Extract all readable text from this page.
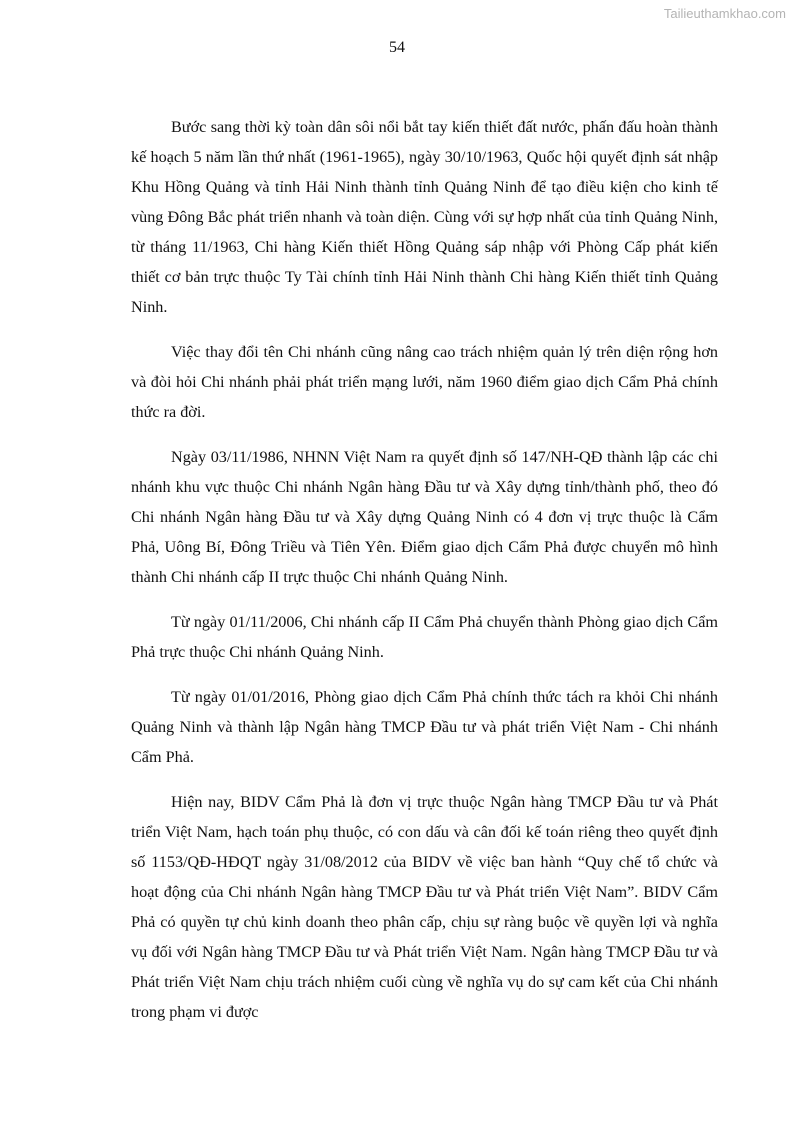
Tailieuthamkhao.com
54

Bước sang thời kỳ toàn dân sôi nổi bắt tay kiến thiết đất nước, phấn đấu hoàn thành kế hoạch 5 năm lần thứ nhất (1961-1965), ngày 30/10/1963, Quốc hội quyết định sát nhập Khu Hồng Quảng và tỉnh Hải Ninh thành tỉnh Quảng Ninh để tạo điều kiện cho kinh tế vùng Đông Bắc phát triển nhanh và toàn diện. Cùng với sự hợp nhất của tỉnh Quảng Ninh, từ tháng 11/1963, Chi hàng Kiến thiết Hồng Quảng sáp nhập với Phòng Cấp phát kiến thiết cơ bản trực thuộc Ty Tài chính tỉnh Hải Ninh thành Chi hàng Kiến thiết tỉnh Quảng Ninh.

Việc thay đổi tên Chi nhánh cũng nâng cao trách nhiệm quản lý trên diện rộng hơn và đòi hỏi Chi nhánh phải phát triển mạng lưới, năm 1960 điểm giao dịch Cẩm Phả chính thức ra đời.

Ngày 03/11/1986, NHNN Việt Nam ra quyết định số 147/NH-QĐ thành lập các chi nhánh khu vực thuộc Chi nhánh Ngân hàng Đầu tư và Xây dựng tỉnh/thành phố, theo đó Chi nhánh Ngân hàng Đầu tư và Xây dựng Quảng Ninh có 4 đơn vị trực thuộc là Cẩm Phả, Uông Bí, Đông Triều và Tiên Yên. Điểm giao dịch Cẩm Phả được chuyển mô hình thành Chi nhánh cấp II trực thuộc Chi nhánh Quảng Ninh.

Từ ngày 01/11/2006, Chi nhánh cấp II Cẩm Phả chuyển thành Phòng giao dịch Cẩm Phả trực thuộc Chi nhánh Quảng Ninh.

Từ ngày 01/01/2016, Phòng giao dịch Cẩm Phả chính thức tách ra khỏi Chi nhánh Quảng Ninh và thành lập Ngân hàng TMCP Đầu tư và phát triển Việt Nam - Chi nhánh Cẩm Phả.

Hiện nay, BIDV Cẩm Phả là đơn vị trực thuộc Ngân hàng TMCP Đầu tư và Phát triển Việt Nam, hạch toán phụ thuộc, có con dấu và cân đối kế toán riêng theo quyết định số 1153/QĐ-HĐQT ngày 31/08/2012 của BIDV về việc ban hành “Quy chế tổ chức và hoạt động của Chi nhánh Ngân hàng TMCP Đầu tư và Phát triển Việt Nam”. BIDV Cẩm Phả có quyền tự chủ kinh doanh theo phân cấp, chịu sự ràng buộc về quyền lợi và nghĩa vụ đối với Ngân hàng TMCP Đầu tư và Phát triển Việt Nam. Ngân hàng TMCP Đầu tư và Phát triển Việt Nam chịu trách nhiệm cuối cùng về nghĩa vụ do sự cam kết của Chi nhánh trong phạm vi được
